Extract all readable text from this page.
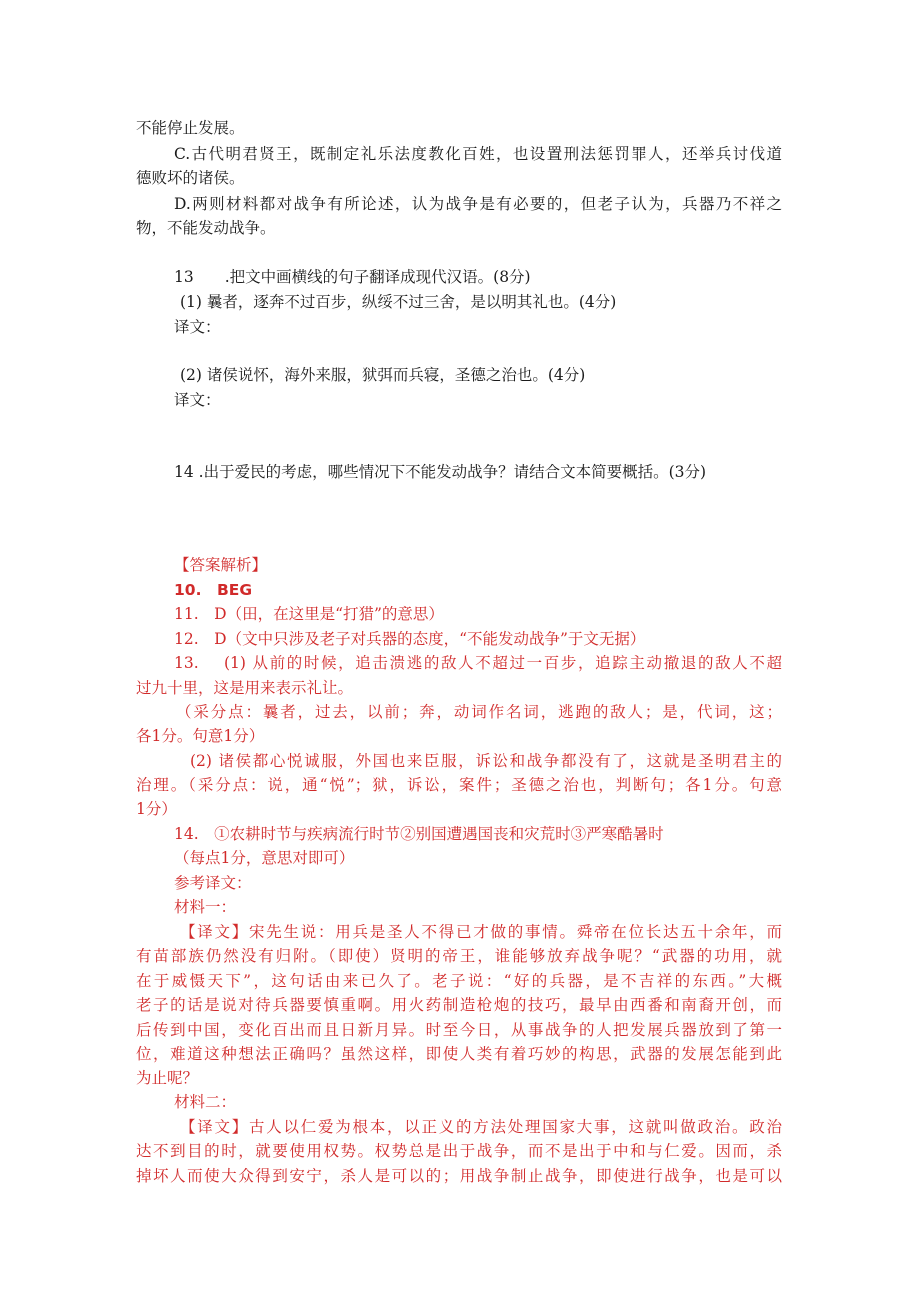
不能停止发展。
C.古代明君贤王，既制定礼乐法度教化百姓，也设置刑法惩罚罪人，还举兵讨伐道
德败坏的诸侯。
D.两则材料都对战争有所论述，认为战争是有必要的，但老子认为，兵器乃不祥之
物，不能发动战争。
13　　.把文中画横线的句子翻译成现代汉语。(8分)
(1) 曩者，逐奔不过百步，纵绥不过三舍，是以明其礼也。(4分)
译文：
(2) 诸侯说怀，海外来服，狱弭而兵寝，圣德之治也。(4分)
译文：
14 .出于爱民的考虑，哪些情况下不能发动战争？请结合文本简要概括。(3分)
【答案解析】
10.　BEG
11.　D（田，在这里是“打猎”的意思）
12.　D（文中只涉及老子对兵器的态度，“不能发动战争”于文无据）
13.　 (1) 从前的时候，追击溃逃的敌人不超过一百步，追踪主动撤退的敌人不超
过九十里，这是用来表示礼让。
（采分点：曩者，过去，以前；奔，动词作名词，逃跑的敌人；是，代词，这；
各1分。句意1分）
(2) 诸侯都心悦诚服，外国也来臣服，诉讼和战争都没有了，这就是圣明君主的
治理。（采分点：说，通“悦”；狱，诉讼，案件；圣德之治也，判断句；各1分。句意
1分）
14.　①农耕时节与疾病流行时节②别国遭遇国丧和灾荒时③严寒酷暑时
（每点1分，意思对即可）
参考译文：
材料一：
【译文】宋先生说：用兵是圣人不得已才做的事情。舜帝在位长达五十余年，而
有苗部族仍然没有归附。（即使）贤明的帝王，谁能够放弃战争呢？“武器的功用，就
在于威慑天下”，这句话由来已久了。老子说：“好的兵器，是不吉祥的东西。”大概
老子的话是说对待兵器要慎重啊。用火药制造枪炮的技巧，最早由西番和南裔开创，而
后传到中国，变化百出而且日新月异。时至今日，从事战争的人把发展兵器放到了第一
位，难道这种想法正确吗？虽然这样，即使人类有着巧妙的构思，武器的发展怎能到此
为止呢？
材料二：
【译文】古人以仁爱为根本，以正义的方法处理国家大事，这就叫做政治。政治
达不到目的时，就要使用权势。权势总是出于战争，而不是出于中和与仁爱。因而，杀
掉坏人而使大众得到安宁，杀人是可以的；用战争制止战争，即使进行战争，也是可以
